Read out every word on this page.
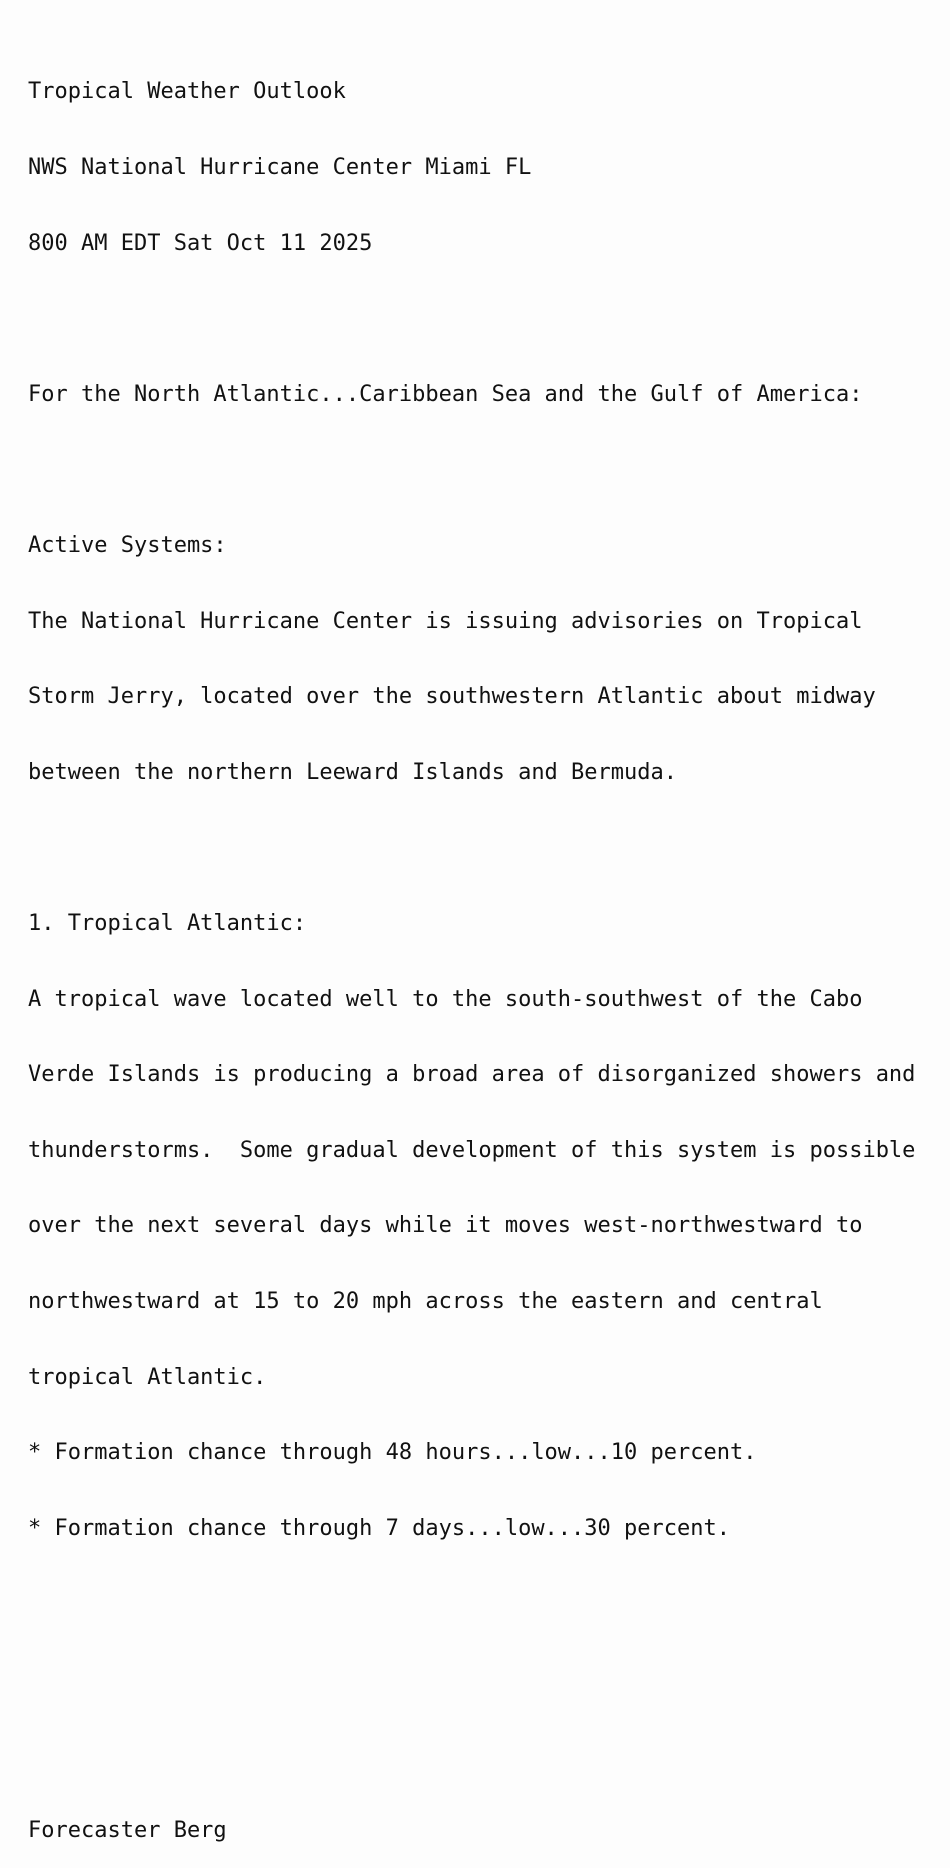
Tropical Weather Outlook

NWS National Hurricane Center Miami FL

800 AM EDT Sat Oct 11 2025

For the North Atlantic...Caribbean Sea and the Gulf of America:

Active Systems:

The National Hurricane Center is issuing advisories on Tropical

Storm Jerry, located over the southwestern Atlantic about midway

between the northern Leeward Islands and Bermuda.

1. Tropical Atlantic:

A tropical wave located well to the south-southwest of the Cabo

Verde Islands is producing a broad area of disorganized showers and

thunderstorms.  Some gradual development of this system is possible

over the next several days while it moves west-northwestward to

northwestward at 15 to 20 mph across the eastern and central

tropical Atlantic.

* Formation chance through 48 hours...low...10 percent.

* Formation chance through 7 days...low...30 percent.

Forecaster Berg
